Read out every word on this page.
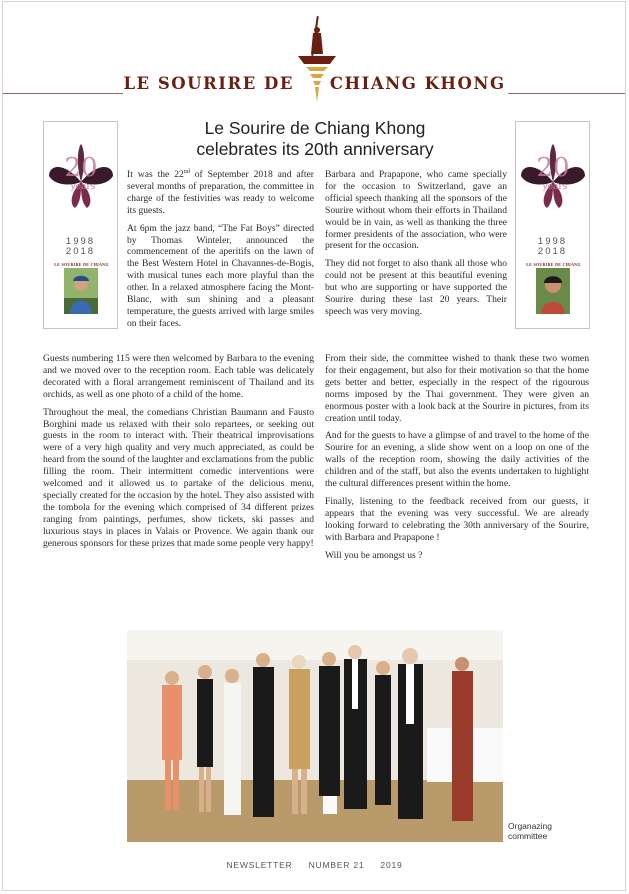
LE SOURIRE DE CHIANG KHONG
Le Sourire de Chiang Khong
celebrates its 20th anniversary
20
years
1998
2018
LE SOURIRE DE CHIANG
20
years
1998
2018
LE SOURIRE DE CHIANG

It was the 22nd of September 2018 and after several months of preparation, the committee in charge of the festivities was ready to welcome its guests.

At 6pm the jazz band, “The Fat Boys” directed by Thomas Winteler, announced the commencement of the aperitifs on the lawn of the Best Western Hotel in Chavannes-de-Bogis, with musical tunes each more playful than the other. In a relaxed atmosphere facing the Mont-Blanc, with sun shining and a pleasant temperature, the guests arrived with large smiles on their faces.

Guests numbering 115 were then welcomed by Barbara to the evening and we moved over to the reception room. Each table was delicately decorated with a floral arrangement reminiscent of Thailand and its orchids, as well as one photo of a child of the home.

Throughout the meal, the comedians Christian Baumann and Fausto Borghini made us relaxed with their solo repartees, or seeking out guests in the room to interact with. Their theatrical improvisations were of a very high quality and very much appreciated, as could be heard from the sound of the laughter and exclamations from the public filling the room. Their intermittent comedic interventions were welcomed and it allowed us to partake of the delicious menu, specially created for the occasion by the hotel. They also assisted with the tombola for the evening which comprised of 34 different prizes ranging from paintings, perfumes, show tickets, ski passes and luxurious stays in places in Valais or Provence. We again thank our generous sponsors for these prizes that made some people very happy!

Barbara and Prapapone, who came specially for the occasion to Switzerland, gave an official speech thanking all the sponsors of the Sourire without whom their efforts in Thailand would be in vain, as well as thanking the three former presidents of the association, who were present for the occasion.

They did not forget to also thank all those who could not be present at this beautiful evening but who are supporting or have supported the Sourire during these last 20 years. Their speech was very moving.

From their side, the committee wished to thank these two women for their engagement, but also for their motivation so that the home gets better and better, especially in the respect of the rigourous norms imposed by the Thai government. They were given an enormous poster with a look back at the Sourire in pictures, from its creation until today.

And for the guests to have a glimpse of and travel to the home of the Sourire for an evening, a slide show went on a loop on one of the walls of the reception room, showing the daily activities of the children and of the staff, but also the events undertaken to highlight the cultural differences present within the home.

Finally, listening to the feedback received from our guests, it appears that the evening was very successful. We are already looking forward to celebrating the 30th anniversary of the Sourire, with Barbara and Prapapone !

Will you be amongst us ?

Organazing
committee
NEWSLETTER NUMBER 21 2019
